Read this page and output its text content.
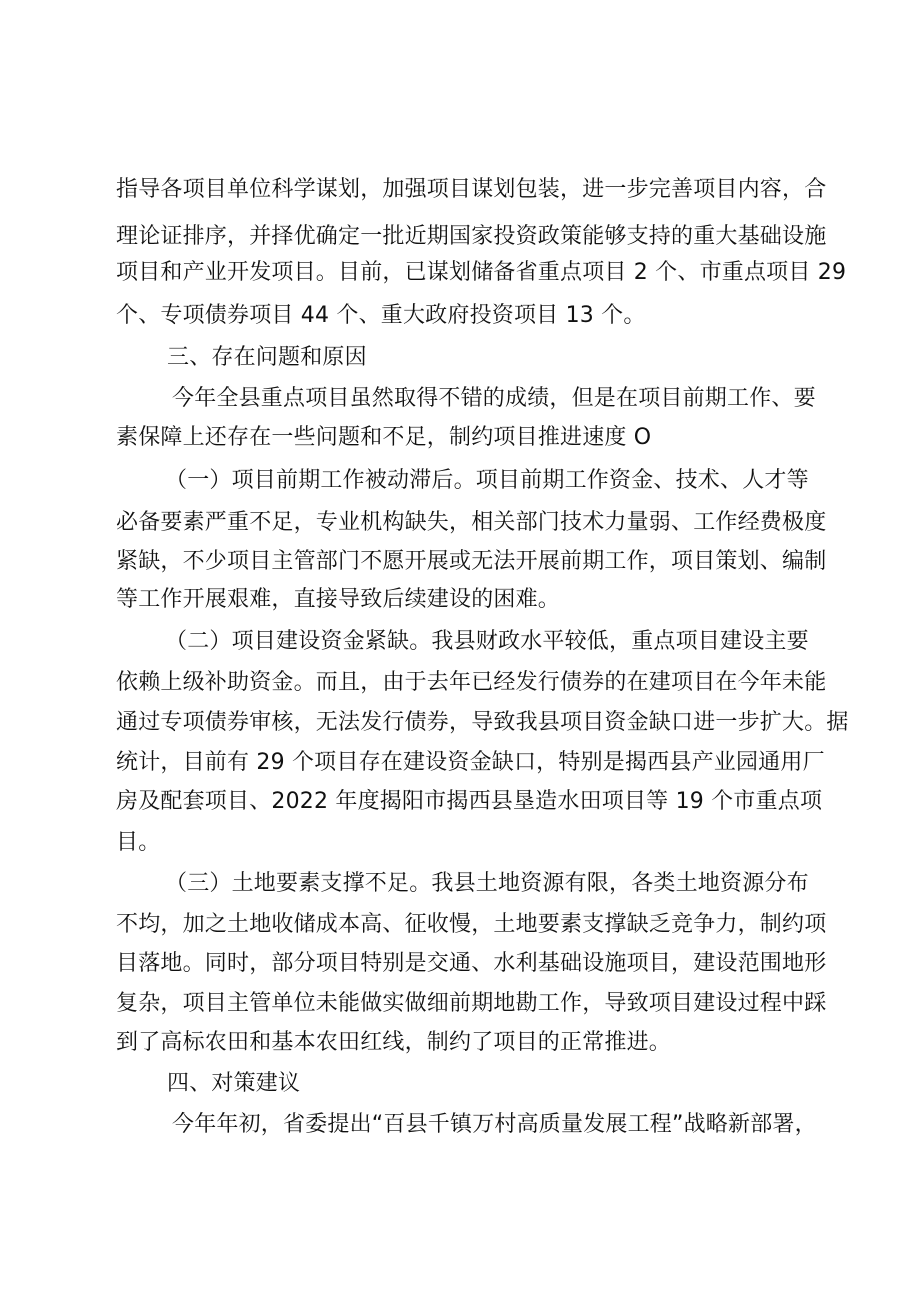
指导各项目单位科学谋划，加强项目谋划包装，进一步完善项目内容，合
理论证排序，并择优确定一批近期国家投资政策能够支持的重大基础设施
项目和产业开发项目。目前，已谋划储备省重点项目 2 个、市重点项目 29
个、专项债券项目 44 个、重大政府投资项目 13 个。
三、存在问题和原因
今年全县重点项目虽然取得不错的成绩，但是在项目前期工作、要
素保障上还存在一些问题和不足，制约项目推进速度 O
（一）项目前期工作被动滞后。项目前期工作资金、技术、人才等
必备要素严重不足，专业机构缺失，相关部门技术力量弱、工作经费极度
紧缺，不少项目主管部门不愿开展或无法开展前期工作，项目策划、编制
等工作开展艰难，直接导致后续建设的困难。
（二）项目建设资金紧缺。我县财政水平较低，重点项目建设主要
依赖上级补助资金。而且，由于去年已经发行债券的在建项目在今年未能
通过专项债券审核，无法发行债券，导致我县项目资金缺口进一步扩大。据
统计，目前有 29 个项目存在建设资金缺口，特别是揭西县产业园通用厂
房及配套项目、2022 年度揭阳市揭西县垦造水田项目等 19 个市重点项
目。
（三）土地要素支撑不足。我县土地资源有限，各类土地资源分布
不均，加之土地收储成本高、征收慢，土地要素支撑缺乏竞争力，制约项
目落地。同时，部分项目特别是交通、水利基础设施项目，建设范围地形
复杂，项目主管单位未能做实做细前期地勘工作，导致项目建设过程中踩
到了高标农田和基本农田红线，制约了项目的正常推进。
四、对策建议
今年年初，省委提出“百县千镇万村高质量发展工程”战略新部署，
